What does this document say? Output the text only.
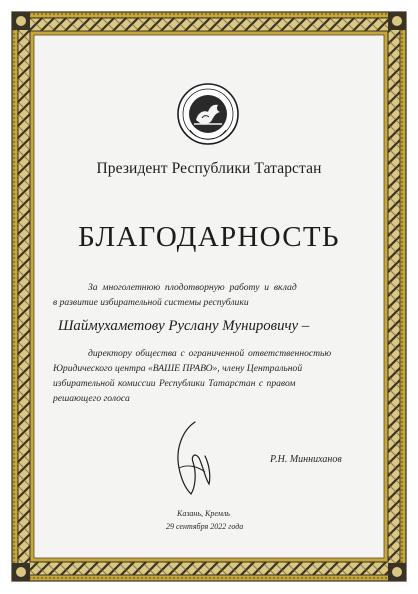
Президент Республики Татарстан
БЛАГОДАРНОСТЬ
За многолетнюю плодотворную работу и вклад
в развитие избирательной системы республики
Шаймухаметову Руслану Мунировичу –
директору общества с ограниченной ответственностью
Юридического центра «ВАШЕ ПРАВО», члену Центральной
избирательной комиссии Республики Татарстан с правом
решающего голоса
Р.Н. Минниханов
Казань, Кремль
29 сентября 2022 года
